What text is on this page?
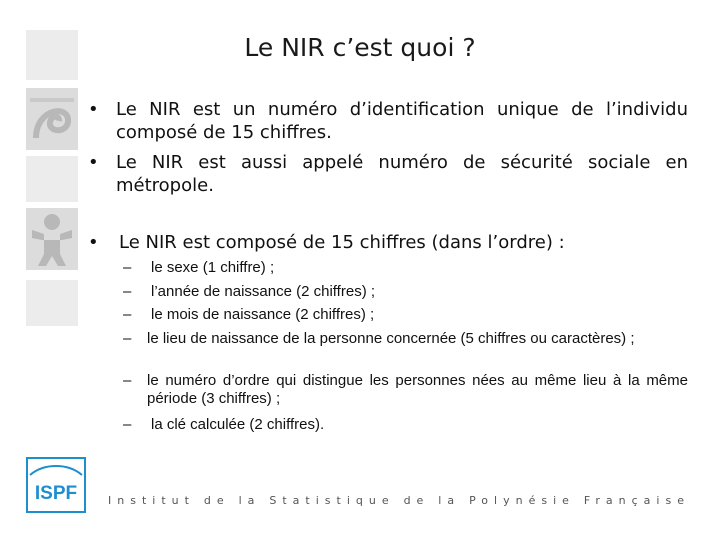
Le NIR c’est quoi ?
• Le NIR est un numéro d’identification unique de l’individu composé de 15 chiffres.
• Le NIR est aussi appelé numéro de sécurité sociale en métropole.
• Le NIR est composé de 15 chiffres (dans l’ordre) :
– le sexe (1 chiffre) ;
– l’année de naissance (2 chiffres) ;
– le mois de naissance (2 chiffres) ;
– le lieu de naissance de la personne concernée (5 chiffres ou caractères) ;
– le numéro d’ordre qui distingue les personnes nées au même lieu à la même période (3 chiffres) ;
– la clé calculée (2 chiffres).
ISPF	Institut de la Statistique de la Polynésie Française
